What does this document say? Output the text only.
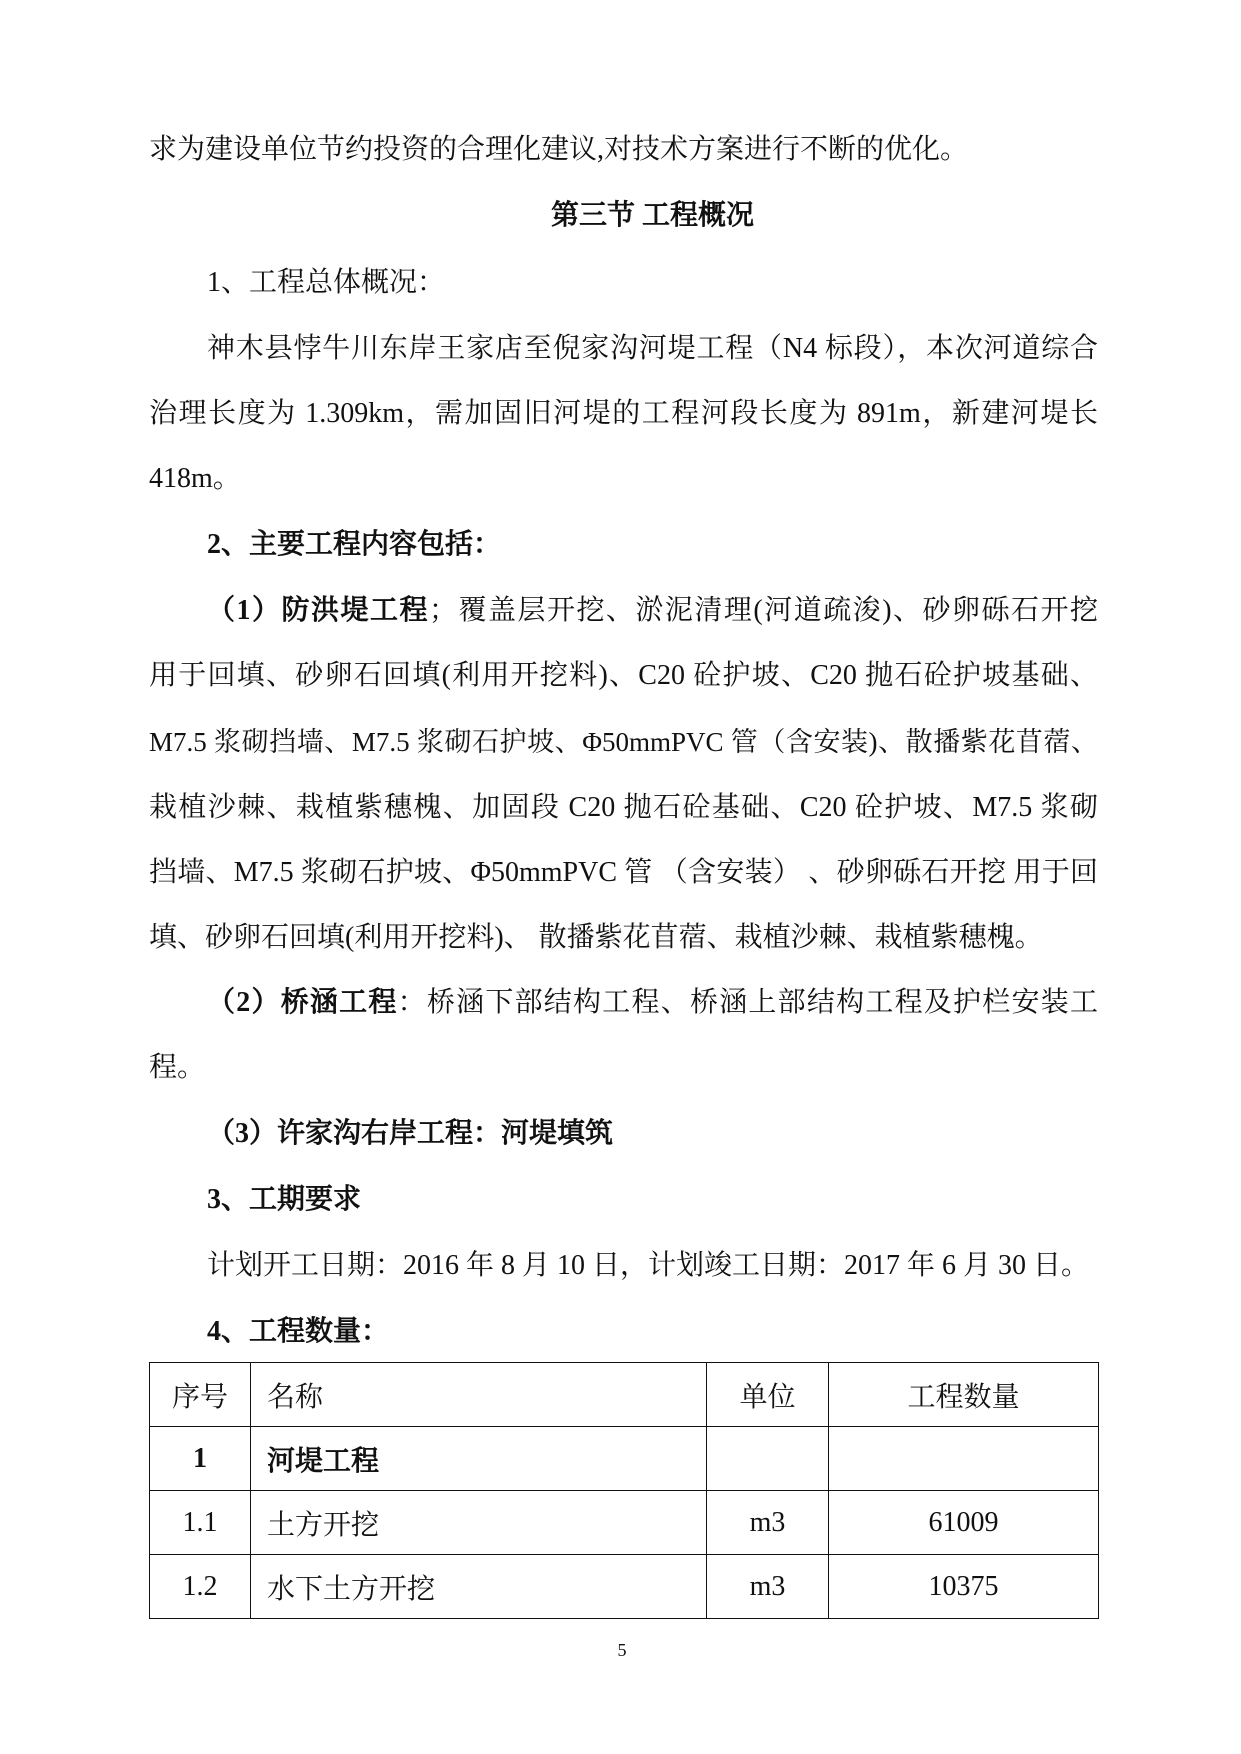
求为建设单位节约投资的合理化建议,对技术方案进行不断的优化。
第三节 工程概况
1、工程总体概况：
神木县悖牛川东岸王家店至倪家沟河堤工程（N4 标段），本次河道综合
治理长度为 1.309km，需加固旧河堤的工程河段长度为 891m，新建河堤长
418m。
2、主要工程内容包括：
（1）防洪堤工程；覆盖层开挖、淤泥清理(河道疏浚)、砂卵砾石开挖
用于回填、砂卵石回填(利用开挖料)、C20 砼护坡、C20 抛石砼护坡基础、
M7.5 浆砌挡墙、M7.5 浆砌石护坡、Φ50mmPVC 管（含安装)、散播紫花苜蓿、
栽植沙棘、栽植紫穗槐、加固段 C20 抛石砼基础、C20 砼护坡、M7.5 浆砌
挡墙、M7.5 浆砌石护坡、Φ50mmPVC 管 （含安装） 、砂卵砾石开挖 用于回
填、砂卵石回填(利用开挖料)、 散播紫花苜蓿、栽植沙棘、栽植紫穗槐。
（2）桥涵工程：桥涵下部结构工程、桥涵上部结构工程及护栏安装工
程。
（3）许家沟右岸工程：河堤填筑
3、工期要求
计划开工日期：2016 年 8 月 10 日，计划竣工日期：2017 年 6 月 30 日。
4、工程数量：
序号	名称	单位	工程数量
1	河堤工程		
1.1	土方开挖	m3	61009
1.2	水下土方开挖	m3	10375
5
